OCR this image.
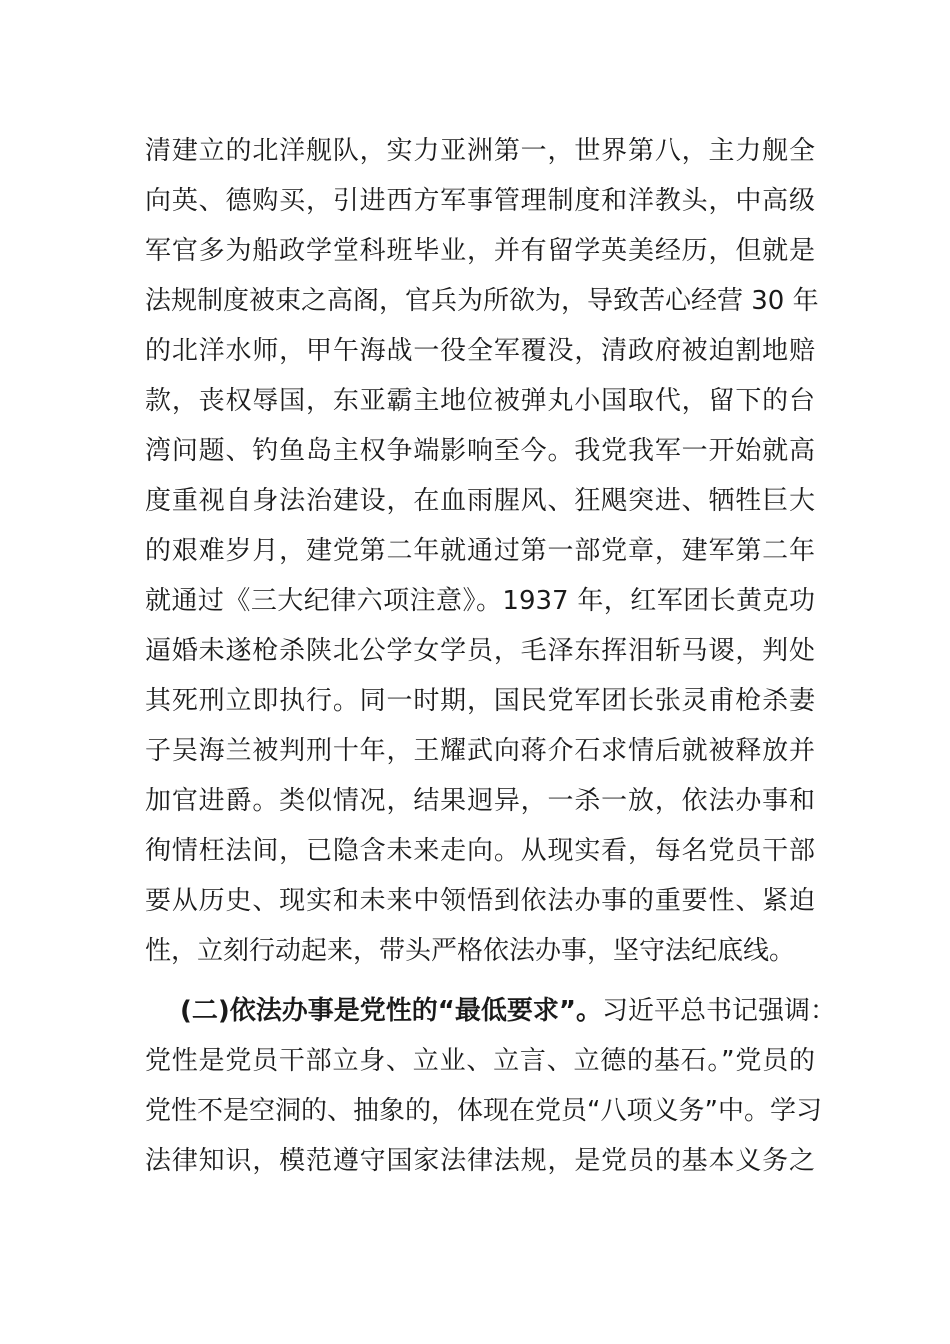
清建立的北洋舰队，实力亚洲第一，世界第八，主力舰全
向英、德购买，引进西方军事管理制度和洋教头，中高级
军官多为船政学堂科班毕业，并有留学英美经历，但就是
法规制度被束之高阁，官兵为所欲为，导致苦心经营 30 年
的北洋水师，甲午海战一役全军覆没，清政府被迫割地赔
款，丧权辱国，东亚霸主地位被弹丸小国取代，留下的台
湾问题、钓鱼岛主权争端影响至今。我党我军一开始就高
度重视自身法治建设，在血雨腥风、狂飓突进、牺牲巨大
的艰难岁月，建党第二年就通过第一部党章，建军第二年
就通过《三大纪律六项注意》。1937 年，红军团长黄克功
逼婚未遂枪杀陕北公学女学员，毛泽东挥泪斩马谡，判处
其死刑立即执行。同一时期，国民党军团长张灵甫枪杀妻
子吴海兰被判刑十年，王耀武向蒋介石求情后就被释放并
加官进爵。类似情况，结果迥异，一杀一放，依法办事和
徇情枉法间，已隐含未来走向。从现实看，每名党员干部
要从历史、现实和未来中领悟到依法办事的重要性、紧迫
性，立刻行动起来，带头严格依法办事，坚守法纪底线。
(二)依法办事是党性的“最低要求”。习近平总书记强调：
党性是党员干部立身、立业、立言、立德的基石。”党员的
党性不是空洞的、抽象的，体现在党员“八项义务”中。学习
法律知识，模范遵守国家法律法规，是党员的基本义务之
